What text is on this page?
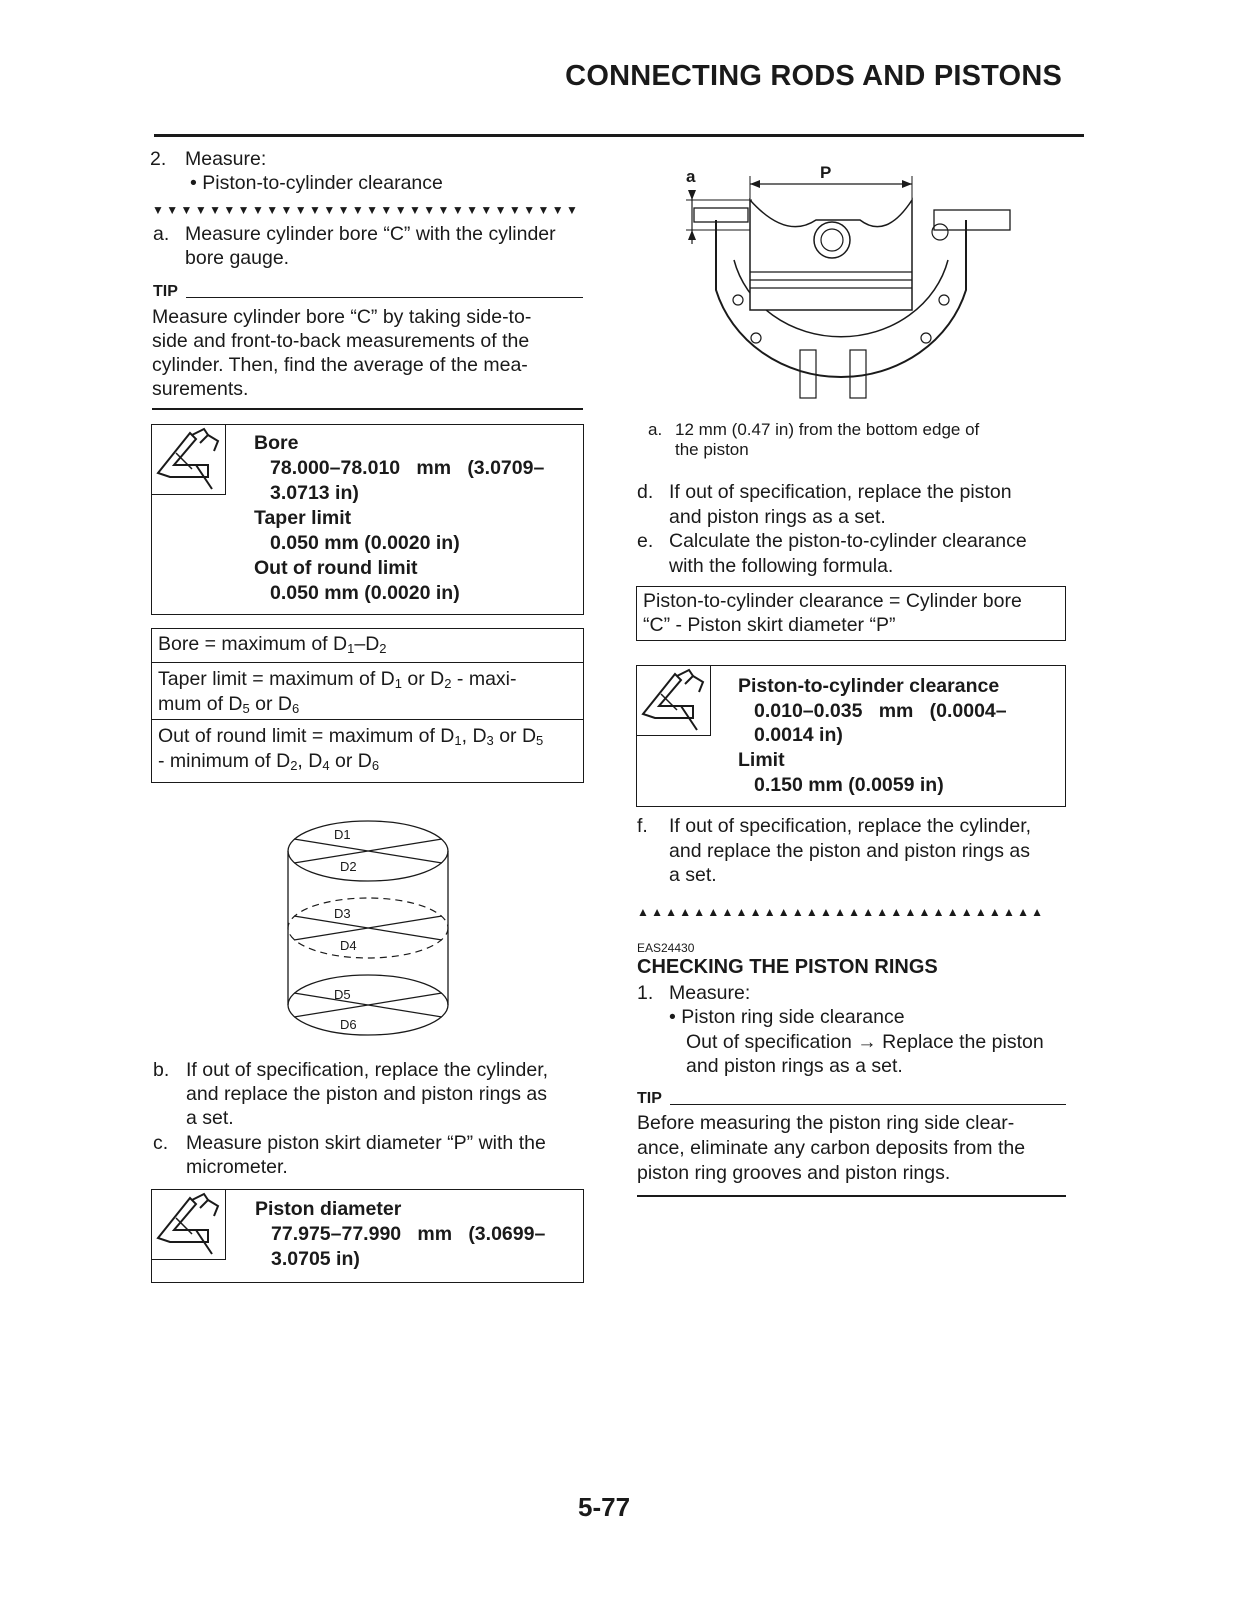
CONNECTING RODS AND PISTONS
2. Measure:
• Piston-to-cylinder clearance
▼▼▼▼▼▼▼▼▼▼▼▼▼▼▼▼▼▼▼▼▼▼▼▼▼▼▼▼▼▼
a. Measure cylinder bore “C” with the cylinder
bore gauge.
TIP
Measure cylinder bore “C” by taking side-to-
side and front-to-back measurements of the
cylinder. Then, find the average of the mea-
surements.
Bore
78.000–78.010   mm   (3.0709–
3.0713 in)
Taper limit
0.050 mm (0.0020 in)
Out of round limit
0.050 mm (0.0020 in)
Bore = maximum of $D_1-D_2$
Taper limit = maximum of $D_1$ or $D_2 - \max i-$
mum of $D_5$ or $D_6$
Out of round limit = maximum of $D_1$, $D_3$ or $D_5$
- minimum of $D_2$, $D_4$ or $D_6$
D1
D2
D3
D4
D5
D6
b. If out of specification, replace the cylinder,
and replace the piston and piston rings as
a set.
c. Measure piston skirt diameter “P” with the
micrometer.
Piston diameter
77.975–77.990   mm   (3.0699–
3.0705 in)
a	P
a. 12 mm (0.47 in) from the bottom edge of
the piston
d. If out of specification, replace the piston
and piston rings as a set.
e. Calculate the piston-to-cylinder clearance
with the following formula.
Piston-to-cylinder clearance = Cylinder bore
“C” - Piston skirt diameter “P”
Piston-to-cylinder clearance
0.010–0.035   mm   (0.0004–
0.0014 in)
Limit
0.150 mm (0.0059 in)
f. If out of specification, replace the cylinder,
and replace the piston and piston rings as
a set.
▲▲▲▲▲▲▲▲▲▲▲▲▲▲▲▲▲▲▲▲▲▲▲▲▲▲▲▲▲
EAS24430
CHECKING THE PISTON RINGS
1. Measure:
• Piston ring side clearance
Out of specification → Replace the piston
and piston rings as a set.
TIP
Before measuring the piston ring side clear-
ance, eliminate any carbon deposits from the
piston ring grooves and piston rings.
5-77
